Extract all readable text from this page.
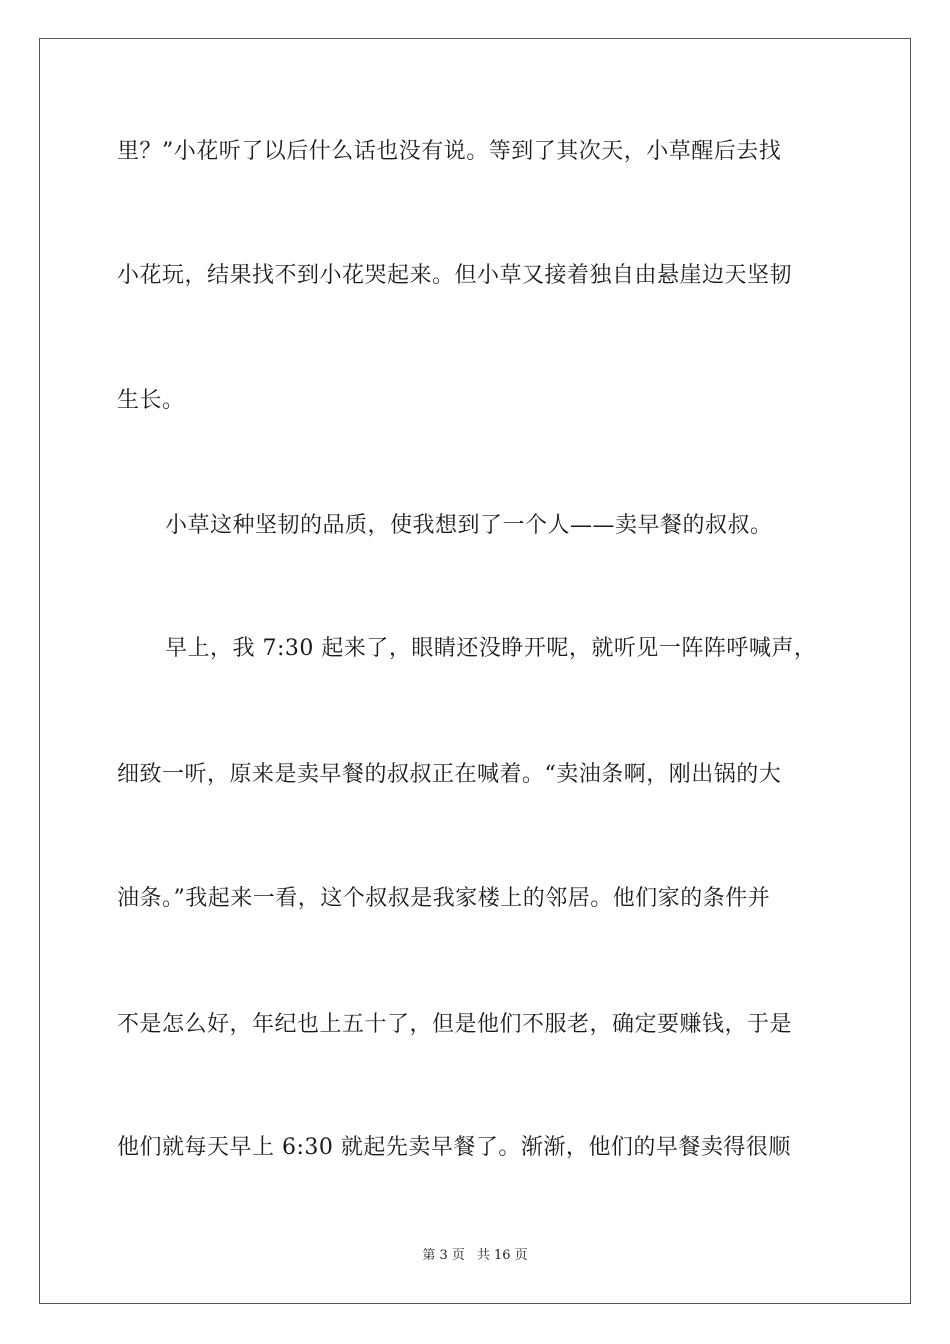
里？”小花听了以后什么话也没有说。等到了其次天，小草醒后去找
小花玩，结果找不到小花哭起来。但小草又接着独自由悬崖边天坚韧
生长。
小草这种坚韧的品质，使我想到了一个人——卖早餐的叔叔。
早上，我 7:30 起来了，眼睛还没睁开呢，就听见一阵阵呼喊声，
细致一听，原来是卖早餐的叔叔正在喊着。“卖油条啊，刚出锅的大
油条。”我起来一看，这个叔叔是我家楼上的邻居。他们家的条件并
不是怎么好，年纪也上五十了，但是他们不服老，确定要赚钱，于是
他们就每天早上 6:30 就起先卖早餐了。渐渐，他们的早餐卖得很顺
第 3 页 共 16 页
